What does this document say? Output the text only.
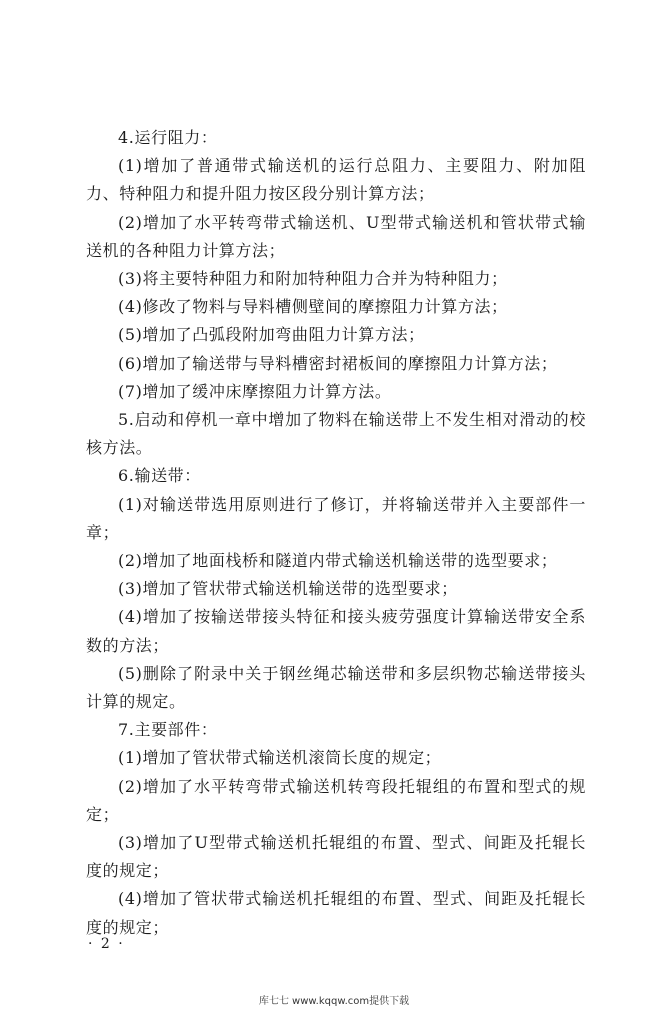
4.运行阻力：

(1)增加了普通带式输送机的运行总阻力、主要阻力、附加阻力、特种阻力和提升阻力按区段分别计算方法；

(2)增加了水平转弯带式输送机、U型带式输送机和管状带式输送机的各种阻力计算方法；

(3)将主要特种阻力和附加特种阻力合并为特种阻力；

(4)修改了物料与导料槽侧壁间的摩擦阻力计算方法；

(5)增加了凸弧段附加弯曲阻力计算方法；

(6)增加了输送带与导料槽密封裙板间的摩擦阻力计算方法；

(7)增加了缓冲床摩擦阻力计算方法。

5.启动和停机一章中增加了物料在输送带上不发生相对滑动的校核方法。

6.输送带：

(1)对输送带选用原则进行了修订，并将输送带并入主要部件一章；

(2)增加了地面栈桥和隧道内带式输送机输送带的选型要求；

(3)增加了管状带式输送机输送带的选型要求；

(4)增加了按输送带接头特征和接头疲劳强度计算输送带安全系数的方法；

(5)删除了附录中关于钢丝绳芯输送带和多层织物芯输送带接头计算的规定。

7.主要部件：

(1)增加了管状带式输送机滚筒长度的规定；

(2)增加了水平转弯带式输送机转弯段托辊组的布置和型式的规定；

(3)增加了U型带式输送机托辊组的布置、型式、间距及托辊长度的规定；

(4)增加了管状带式输送机托辊组的布置、型式、间距及托辊长度的规定；

· 2 ·
库七七 www.kqqw.com提供下载
